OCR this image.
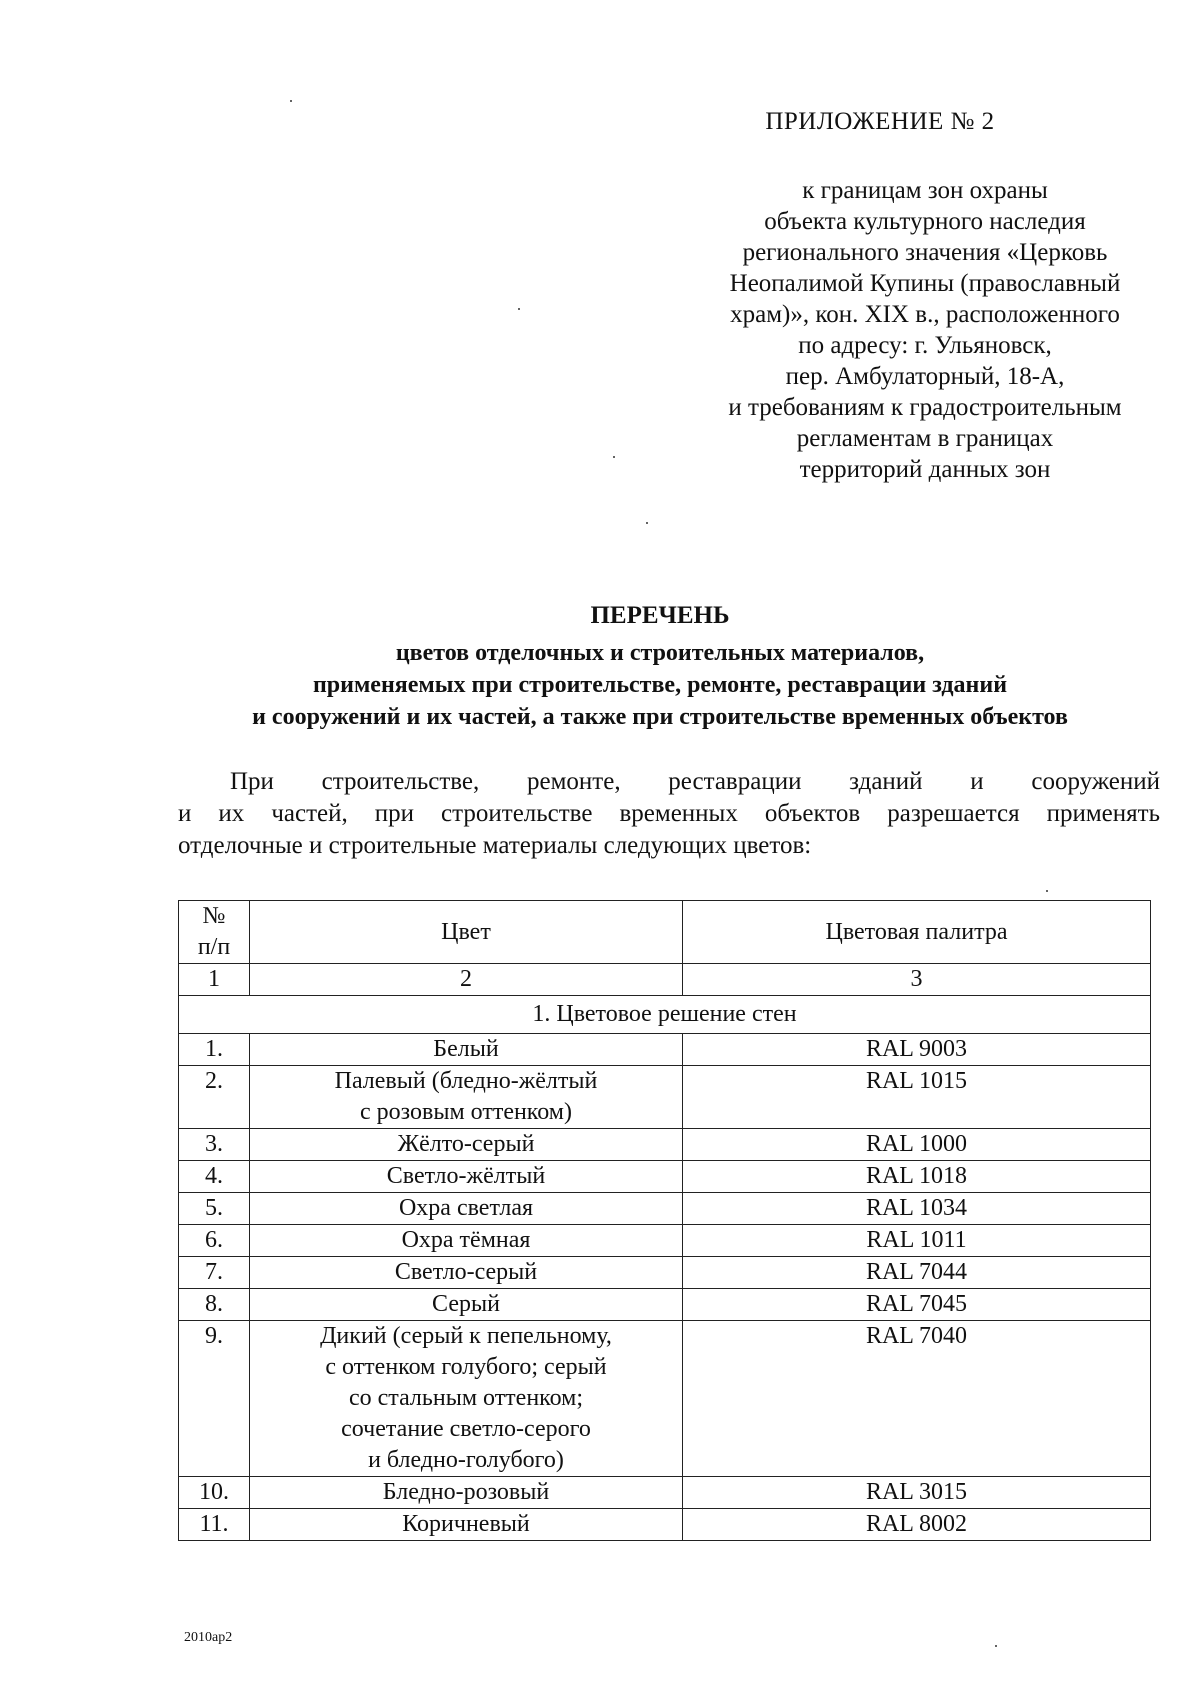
ПРИЛОЖЕНИЕ № 2
к границам зон охраны
объекта культурного наследия
регионального значения «Церковь
Неопалимой Купины (православный
храм)», кон. XIX в., расположенного
по адресу: г. Ульяновск,
пер. Амбулаторный, 18-А,
и требованиям к градостроительным
регламентам в границах
территорий данных зон
ПЕРЕЧЕНЬ
цветов отделочных и строительных материалов,
применяемых при строительстве, ремонте, реставрации зданий
и сооружений и их частей, а также при строительстве временных объектов
При строительстве, ремонте, реставрации зданий и сооружений
и их частей, при строительстве временных объектов разрешается применять
отделочные и строительные материалы следующих цветов:
№
п/п	Цвет	Цветовая палитра
1	2	3
1. Цветовое решение стен		
1.	Белый	RAL 9003
2.	Палевый (бледно-жёлтый
с розовым оттенком)	RAL 1015
3.	Жёлто-серый	RAL 1000
4.	Светло-жёлтый	RAL 1018
5.	Охра светлая	RAL 1034
6.	Охра тёмная	RAL 1011
7.	Светло-серый	RAL 7044
8.	Серый	RAL 7045
9.	Дикий (серый к пепельному,
с оттенком голубого; серый
со стальным оттенком;
сочетание светло-серого
и бледно-голубого)	RAL 7040
10.	Бледно-розовый	RAL 3015
11.	Коричневый	RAL 8002
2010ap2
